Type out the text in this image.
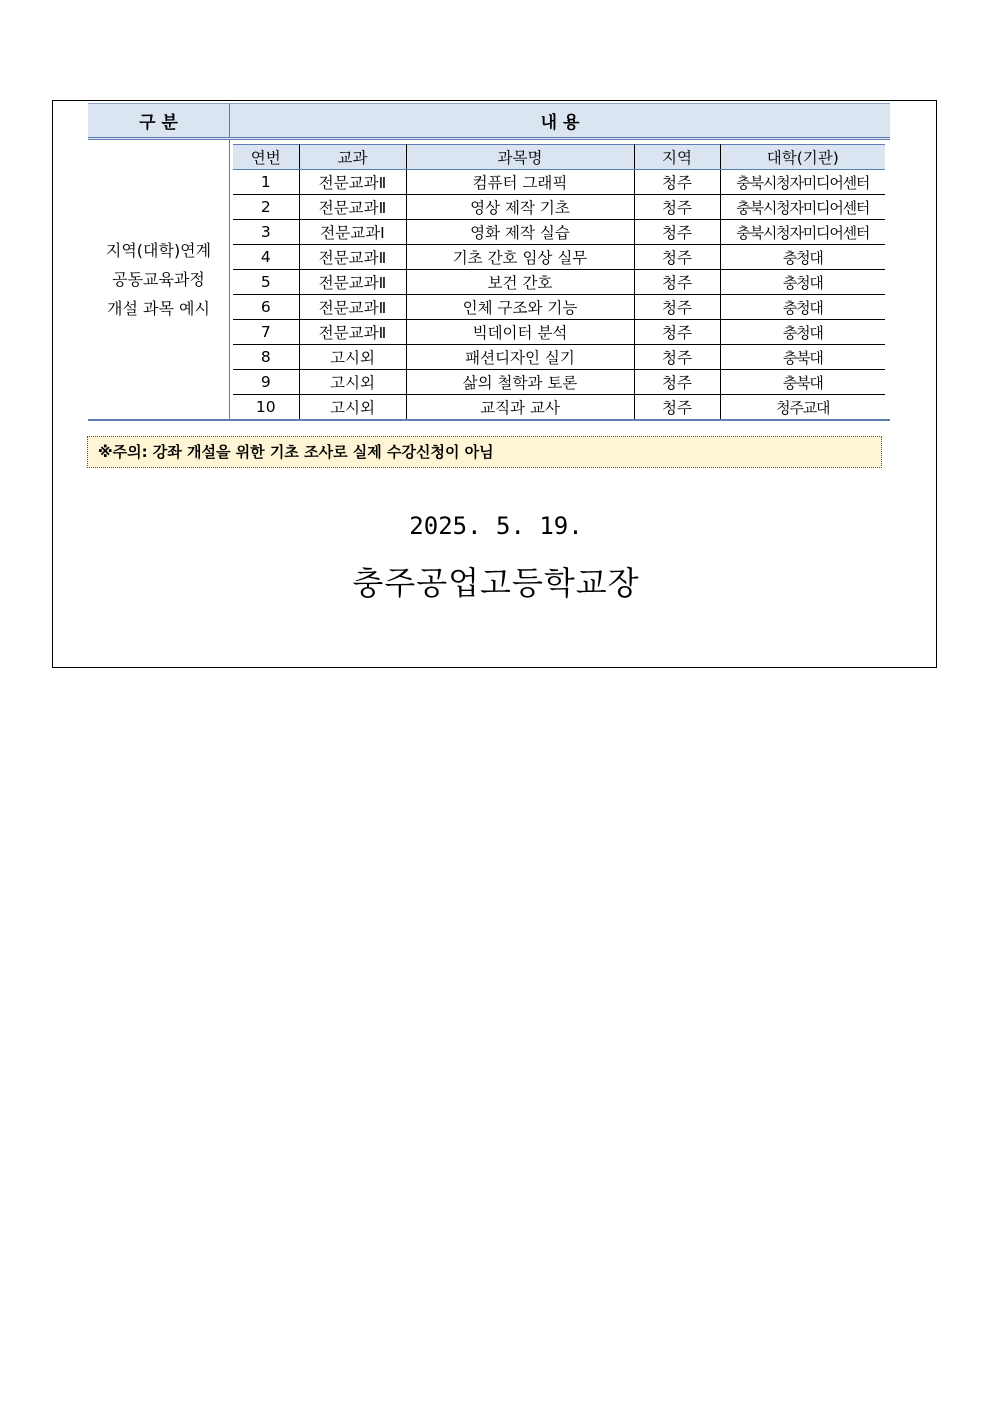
구 분	내 용

지역(대학)연계
공동교육과정
개설 과목 예시

연번	교과	과목명	지역	대학(기관)
1	전문교과Ⅱ	컴퓨터 그래픽	청주	충북시청자미디어센터
2	전문교과Ⅱ	영상 제작 기초	청주	충북시청자미디어센터
3	전문교과Ⅰ	영화 제작 실습	청주	충북시청자미디어센터
4	전문교과Ⅱ	기초 간호 임상 실무	청주	충청대
5	전문교과Ⅱ	보건 간호	청주	충청대
6	전문교과Ⅱ	인체 구조와 기능	청주	충청대
7	전문교과Ⅱ	빅데이터 분석	청주	충청대
8	고시외	패션디자인 실기	청주	충북대
9	고시외	삶의 철학과 토론	청주	충북대
10	고시외	교직과 교사	청주	청주교대
※주의: 강좌 개설을 위한 기초 조사로 실제 수강신청이 아님
2025. 5. 19.
충주공업고등학교장
